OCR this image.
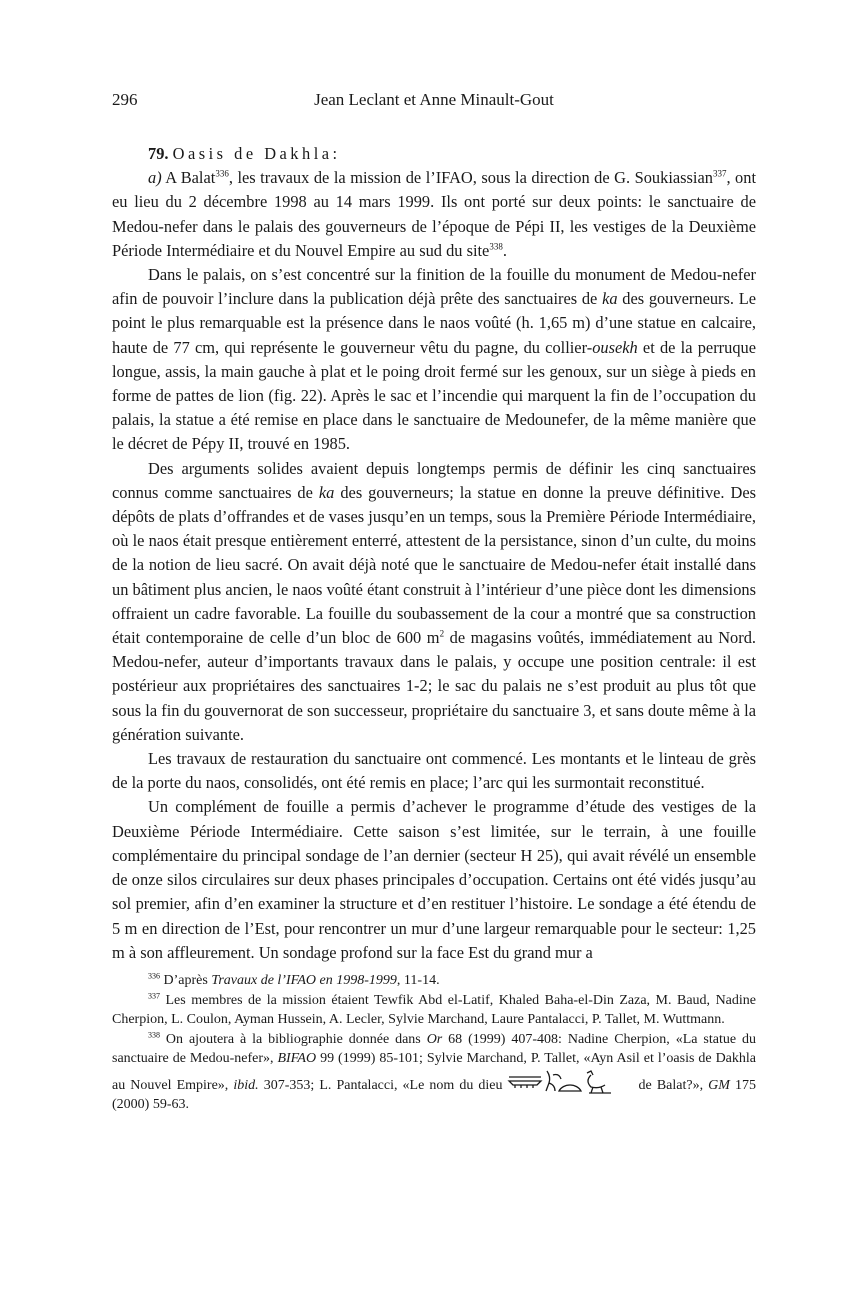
296	Jean Leclant et Anne Minault-Gout

79. Oasis de Dakhla:

a) A Balat$^{336}$, les travaux de la mission de l’IFAO, sous la direction de G. Soukiassian$^{337}$, ont eu lieu du 2 décembre 1998 au 14 mars 1999. Ils ont porté sur deux points: le sanctuaire de Medou-nefer dans le palais des gouverneurs de l’époque de Pépi II, les vestiges de la Deuxième Période Intermédiaire et du Nouvel Empire au sud du site$^{338}$.

Dans le palais, on s’est concentré sur la finition de la fouille du monument de Medou-nefer afin de pouvoir l’inclure dans la publication déjà prête des sanctuaires de ka des gouverneurs. Le point le plus remarquable est la présence dans le naos voûté (h. 1,65 m) d’une statue en calcaire, haute de 77 cm, qui représente le gouverneur vêtu du pagne, du collier-ousekh et de la perruque longue, assis, la main gauche à plat et le poing droit fermé sur les genoux, sur un siège à pieds en forme de pattes de lion (fig. 22). Après le sac et l’incendie qui marquent la fin de l’occupation du palais, la statue a été remise en place dans le sanctuaire de Medounefer, de la même manière que le décret de Pépy II, trouvé en 1985.

Des arguments solides avaient depuis longtemps permis de définir les cinq sanctuaires connus comme sanctuaires de ka des gouverneurs; la statue en donne la preuve définitive. Des dépôts de plats d’offrandes et de vases jusqu’en un temps, sous la Première Période Intermédiaire, où le naos était presque entièrement enterré, attestent de la persistance, sinon d’un culte, du moins de la notion de lieu sacré. On avait déjà noté que le sanctuaire de Medou-nefer était installé dans un bâtiment plus ancien, le naos voûté étant construit à l’intérieur d’une pièce dont les dimensions offraient un cadre favorable. La fouille du soubassement de la cour a montré que sa construction était contemporaine de celle d’un bloc de 600 $m^2$ de magasins voûtés, immédiatement au Nord. Medou-nefer, auteur d’importants travaux dans le palais, y occupe une position centrale: il est postérieur aux propriétaires des sanctuaires 1-2; le sac du palais ne s’est produit au plus tôt que sous la fin du gouvernorat de son successeur, propriétaire du sanctuaire 3, et sans doute même à la génération suivante.

Les travaux de restauration du sanctuaire ont commencé. Les montants et le linteau de grès de la porte du naos, consolidés, ont été remis en place; l’arc qui les surmontait reconstitué.

Un complément de fouille a permis d’achever le programme d’étude des vestiges de la Deuxième Période Intermédiaire. Cette saison s’est limitée, sur le terrain, à une fouille complémentaire du principal sondage de l’an dernier (secteur H 25), qui avait révélé un ensemble de onze silos circulaires sur deux phases principales d’occupation. Certains ont été vidés jusqu’au sol premier, afin d’en examiner la structure et d’en restituer l’histoire. Le sondage a été étendu de 5 m en direction de l’Est, pour rencontrer un mur d’une largeur remarquable pour le secteur: 1,25 m à son affleurement. Un sondage profond sur la face Est du grand mur a

$^{336}$ D’après Travaux de l’IFAO en 1998-1999, 11-14.

$^{337}$ Les membres de la mission étaient Tewfik Abd el-Latif, Khaled Baha-el-Din Zaza, M. Baud, Nadine Cherpion, L. Coulon, Ayman Hussein, A. Lecler, Sylvie Marchand, Laure Pantalacci, P. Tallet, M. Wuttmann.

$^{338}$ On ajoutera à la bibliographie donnée dans Or 68 (1999) 407-408: Nadine Cherpion, «La statue du sanctuaire de Medou-nefer», BIFAO 99 (1999) 85-101; Sylvie Marchand, P. Tallet, «Ayn Asil et l’oasis de Dakhla au Nouvel Empire», ibid. 307-353; L. Pantalacci, «Le nom du dieu	de Balat?», GM 175 (2000) 59-63.
